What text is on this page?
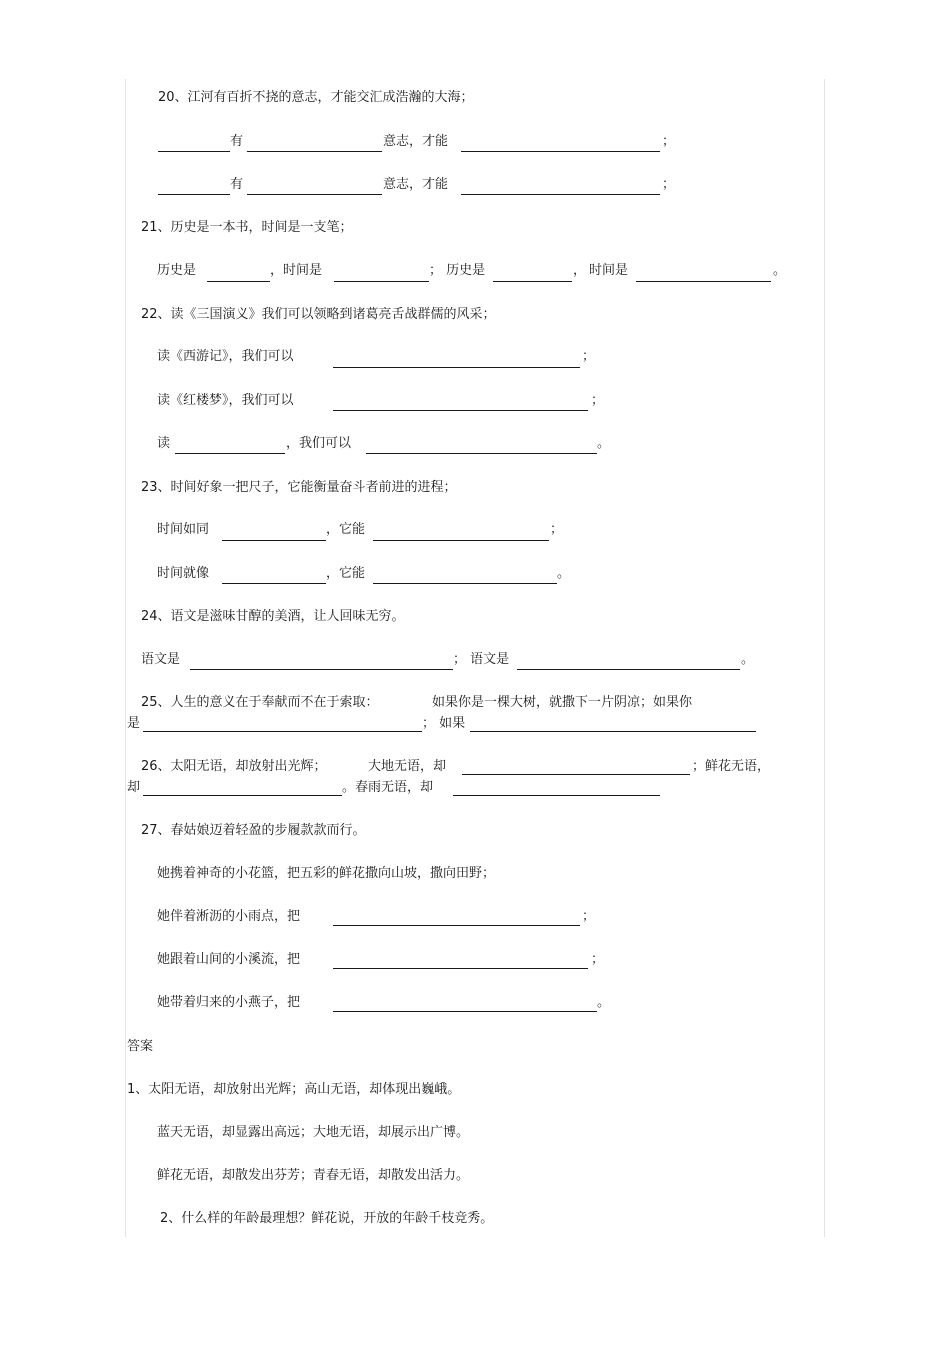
20、江河有百折不挠的意志，才能交汇成浩瀚的大海；
有	意志，才能	；
有	意志，才能	；
21、历史是一本书，时间是一支笔；
历史是	，时间是	； 历史是	， 时间是	。
22、读《三国演义》我们可以领略到诸葛亮舌战群儒的风采；
读《西游记》，我们可以	；
读《红楼梦》，我们可以	；
读	，我们可以	。
23、时间好象一把尺子，它能衡量奋斗者前进的进程；
时间如同	，它能	；
时间就像	，它能	。
24、语文是滋味甘醇的美酒，让人回味无穷。
语文是	； 语文是	。
25、人生的意义在于奉献而不在于索取：	如果你是一棵大树，就撒下一片阴凉；如果你
是	； 如果
26、太阳无语，却放射出光辉；	大地无语，却	；鲜花无语，
却	。春雨无语，却
27、春姑娘迈着轻盈的步履款款而行。
她携着神奇的小花篮，把五彩的鲜花撒向山坡，撒向田野；
她伴着淅沥的小雨点，把	；
她跟着山间的小溪流，把	；
她带着归来的小燕子，把	。
答案
1、太阳无语，却放射出光辉；高山无语，却体现出巍峨。
蓝天无语，却显露出高远；大地无语，却展示出广博。
鲜花无语，却散发出芬芳；青春无语，却散发出活力。
2、什么样的年龄最理想？鲜花说，开放的年龄千枝竞秀。
